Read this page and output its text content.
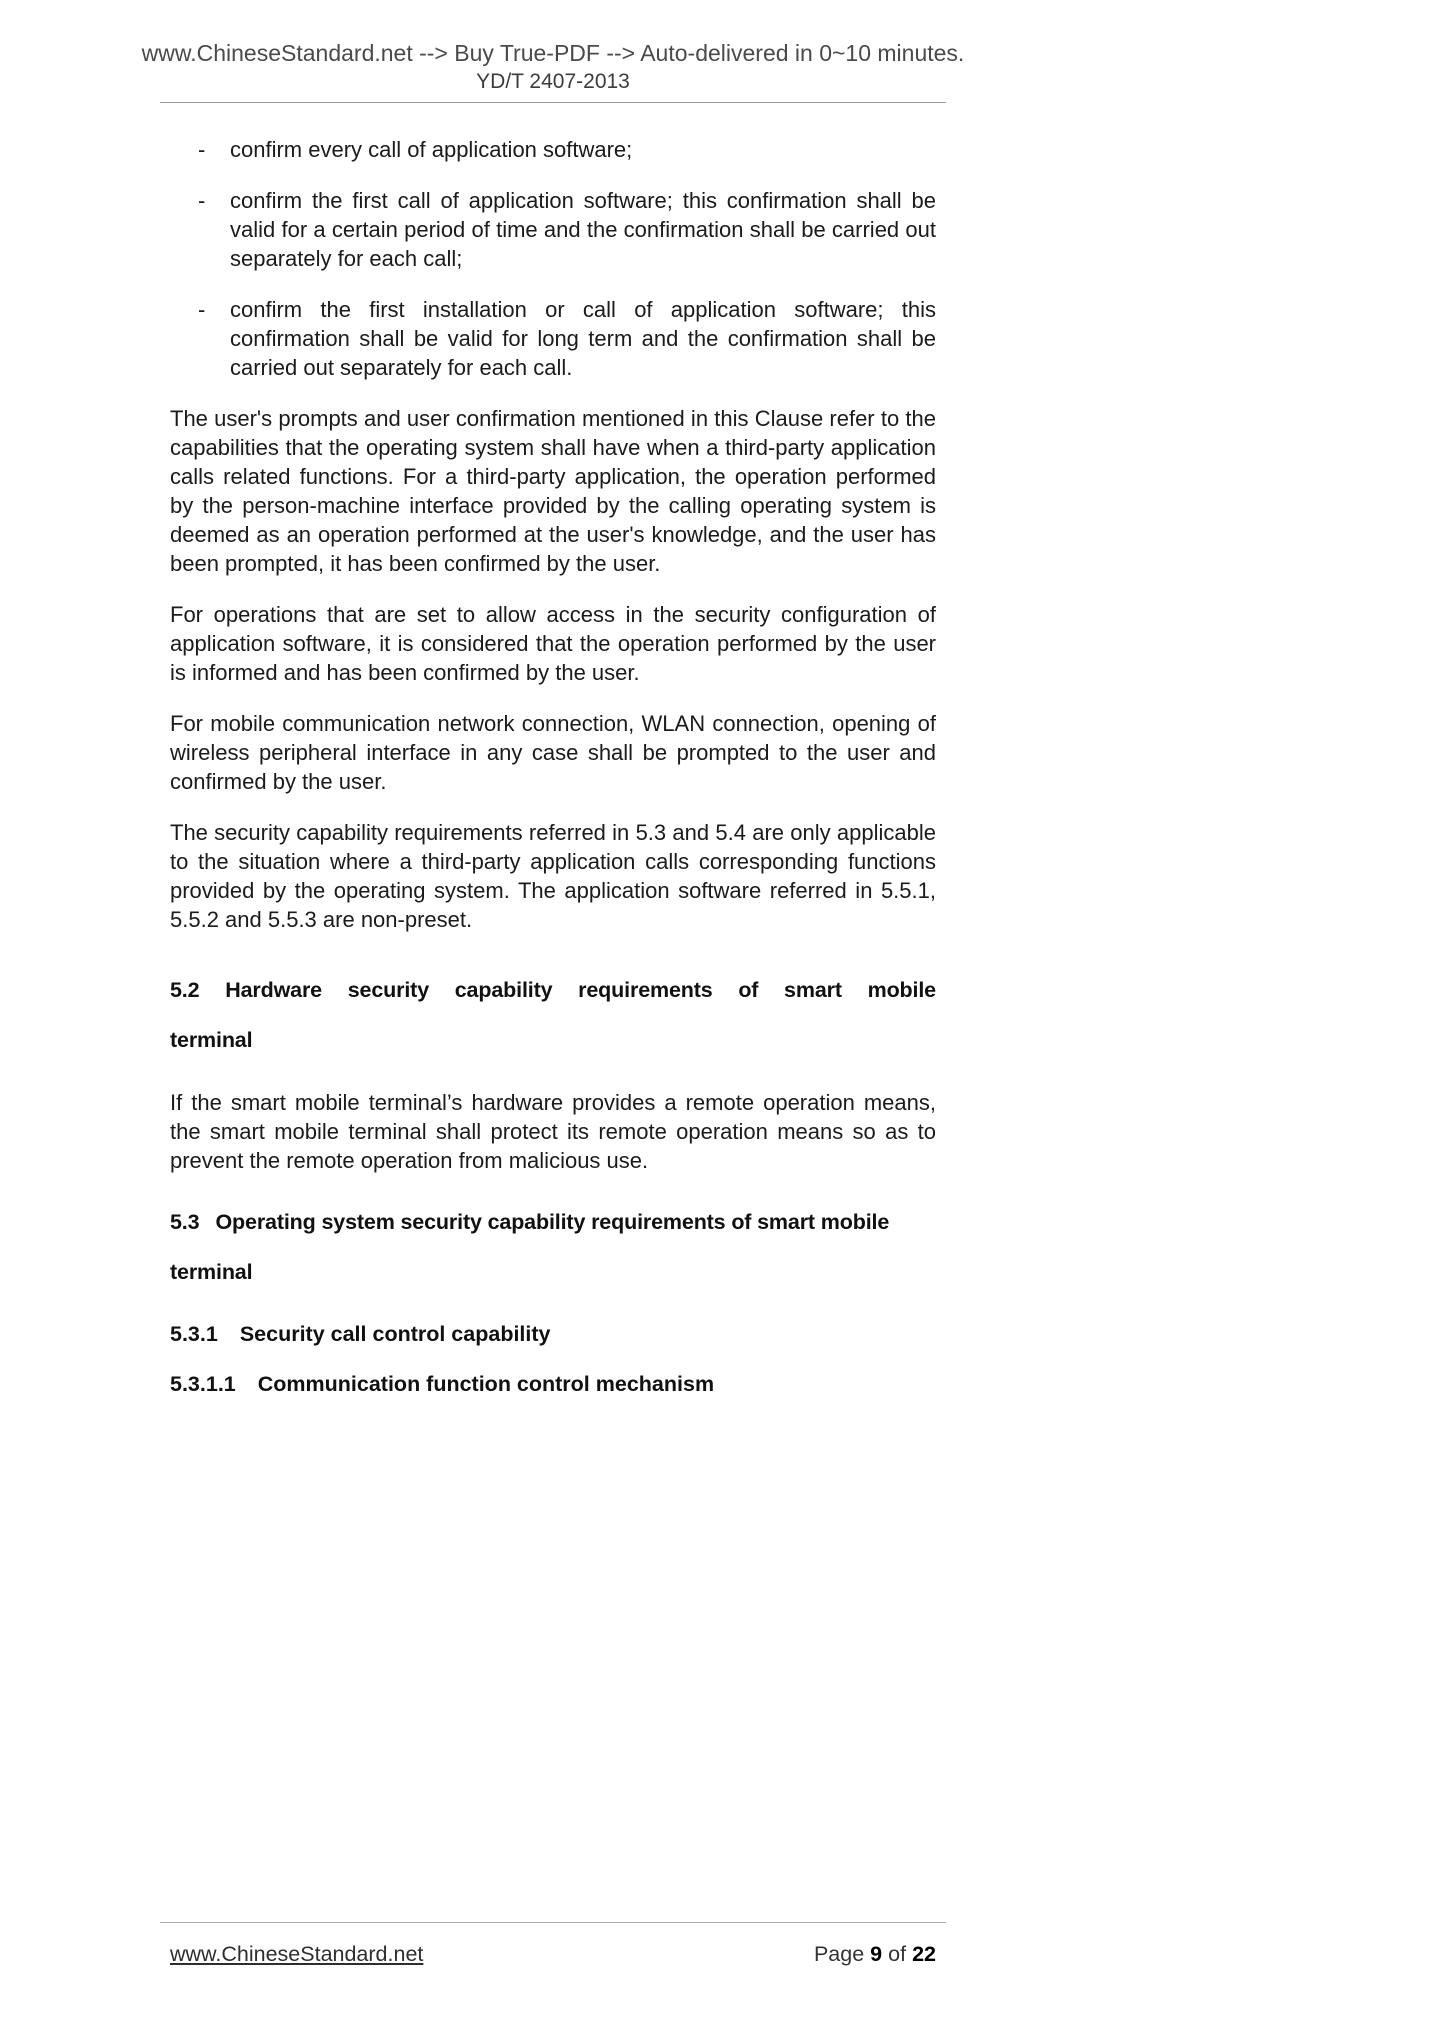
www.ChineseStandard.net --> Buy True-PDF --> Auto-delivered in 0~10 minutes.
YD/T 2407-2013
-	confirm every call of application software;
-	confirm the first call of application software; this confirmation shall be valid for a certain period of time and the confirmation shall be carried out separately for each call;
-	confirm the first installation or call of application software; this confirmation shall be valid for long term and the confirmation shall be carried out separately for each call.

The user's prompts and user confirmation mentioned in this Clause refer to the capabilities that the operating system shall have when a third-party application calls related functions. For a third-party application, the operation performed by the person-machine interface provided by the calling operating system is deemed as an operation performed at the user's knowledge, and the user has been prompted, it has been confirmed by the user.

For operations that are set to allow access in the security configuration of application software, it is considered that the operation performed by the user is informed and has been confirmed by the user.

For mobile communication network connection, WLAN connection, opening of wireless peripheral interface in any case shall be prompted to the user and confirmed by the user.

The security capability requirements referred in 5.3 and 5.4 are only applicable to the situation where a third-party application calls corresponding functions provided by the operating system. The application software referred in 5.5.1, 5.5.2 and 5.5.3 are non-preset.

5.2 Hardware security capability requirements of smart mobile
terminal

If the smart mobile terminal’s hardware provides a remote operation means, the smart mobile terminal shall protect its remote operation means so as to prevent the remote operation from malicious use.

5.3 Operating system security capability requirements of smart mobile
terminal
5.3.1 Security call control capability
5.3.1.1 Communication function control mechanism
www.ChineseStandard.net	Page 9 of 22
